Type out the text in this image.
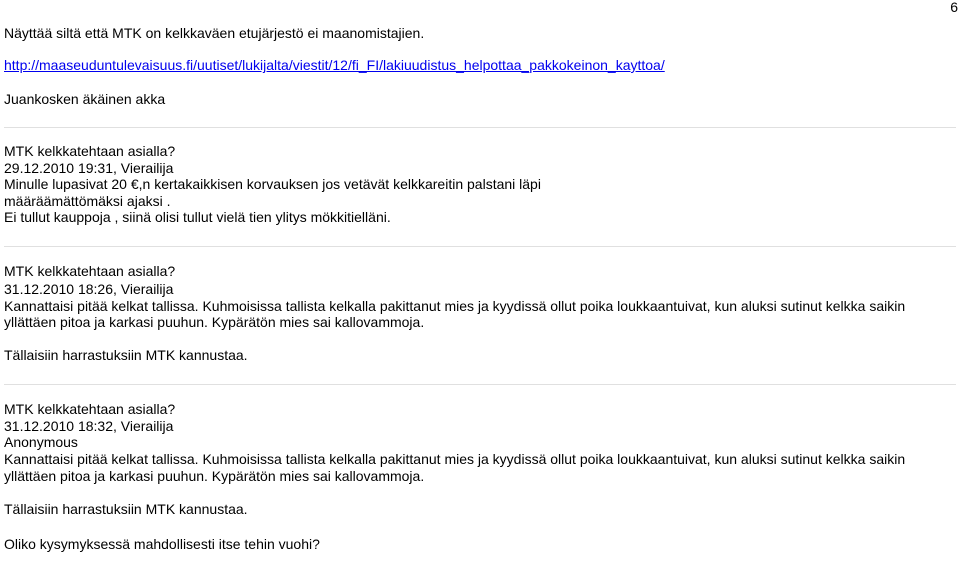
6
Näyttää siltä että MTK on kelkkaväen etujärjestö ei maanomistajien.
http://maaseuduntulevaisuus.fi/uutiset/lukijalta/viestit/12/fi_FI/lakiuudistus_helpottaa_pakkokeinon_kayttoa/
Juankosken äkäinen akka
MTK kelkkatehtaan asialla?
29.12.2010 19:31, Vierailija
Minulle lupasivat 20 €,n kertakaikkisen korvauksen jos vetävät kelkkareitin palstani läpi
määräämättömäksi ajaksi .
Ei tullut kauppoja , siinä olisi tullut vielä tien ylitys mökkitielläni.
MTK kelkkatehtaan asialla?
31.12.2010 18:26, Vierailija
Kannattaisi pitää kelkat tallissa. Kuhmoisissa tallista kelkalla pakittanut mies ja kyydissä ollut poika loukkaantuivat, kun aluksi sutinut kelkka saikin
yllättäen pitoa ja karkasi puuhun. Kypärätön mies sai kallovammoja.
Tällaisiin harrastuksiin MTK kannustaa.
MTK kelkkatehtaan asialla?
31.12.2010 18:32, Vierailija
Anonymous
Kannattaisi pitää kelkat tallissa. Kuhmoisissa tallista kelkalla pakittanut mies ja kyydissä ollut poika loukkaantuivat, kun aluksi sutinut kelkka saikin
yllättäen pitoa ja karkasi puuhun. Kypärätön mies sai kallovammoja.
Tällaisiin harrastuksiin MTK kannustaa.
Oliko kysymyksessä mahdollisesti itse tehin vuohi?
